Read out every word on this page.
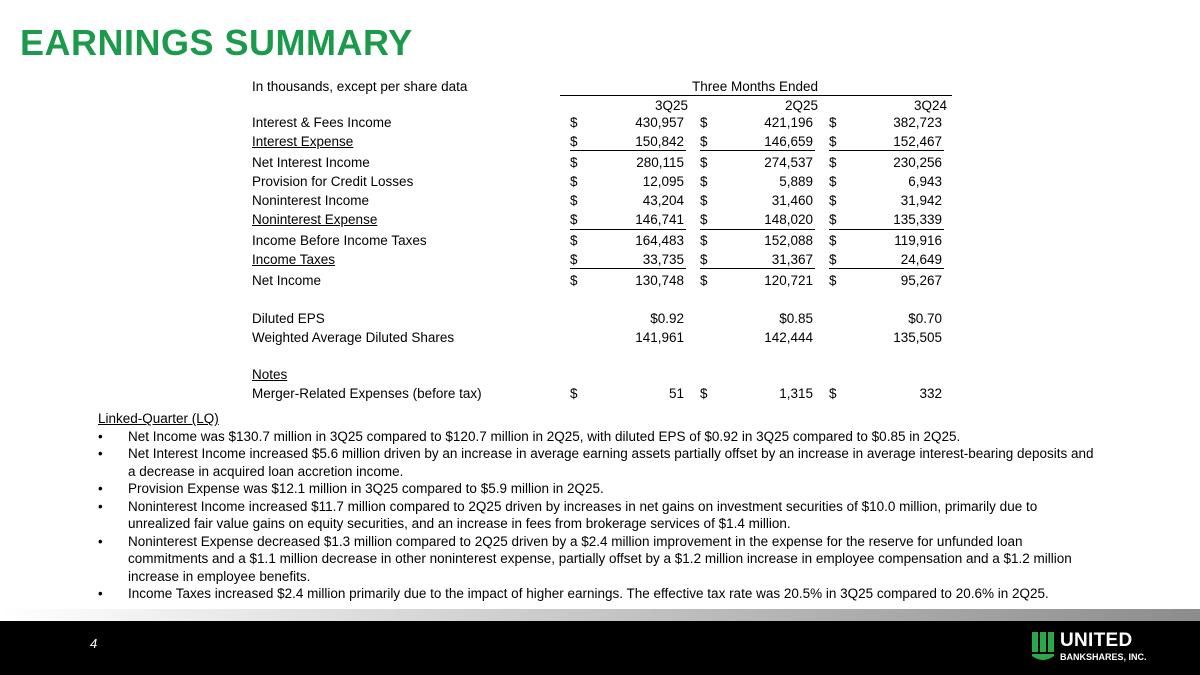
EARNINGS SUMMARY
In thousands, except per share data	Three Months Ended
3Q25	2Q25	3Q24
Interest & Fees Income	$	430,957 $	421,196 $	382,723
Interest Expense	$	150,842 $	146,659 $	152,467
Net Interest Income	$	280,115 $	274,537 $	230,256
Provision for Credit Losses	$	12,095 $	5,889 $	6,943
Noninterest Income	$	43,204 $	31,460 $	31,942
Noninterest Expense	$	146,741 $	148,020 $	135,339
Income Before Income Taxes	$	164,483 $	152,088 $	119,916
Income Taxes	$	33,735 $	31,367 $	24,649
Net Income	$	130,748 $	120,721 $	95,267
Diluted EPS	$0.92	$0.85	$0.70
Weighted Average Diluted Shares	141,961	142,444	135,505
Notes
Merger-Related Expenses (before tax)	$	51 $	1,315 $	332
Linked-Quarter (LQ)
• Net Income was $130.7 million in 3Q25 compared to $120.7 million in 2Q25, with diluted EPS of $0.92 in 3Q25 compared to $0.85 in 2Q25.
• Net Interest Income increased $5.6 million driven by an increase in average earning assets partially offset by an increase in average interest-bearing deposits and a decrease in acquired loan accretion income.
• Provision Expense was $12.1 million in 3Q25 compared to $5.9 million in 2Q25.
• Noninterest Income increased $11.7 million compared to 2Q25 driven by increases in net gains on investment securities of $10.0 million, primarily due to unrealized fair value gains on equity securities, and an increase in fees from brokerage services of $1.4 million.
• Noninterest Expense decreased $1.3 million compared to 2Q25 driven by a $2.4 million improvement in the expense for the reserve for unfunded loan commitments and a $1.1 million decrease in other noninterest expense, partially offset by a $1.2 million increase in employee compensation and a $1.2 million increase in employee benefits.
• Income Taxes increased $2.4 million primarily due to the impact of higher earnings. The effective tax rate was 20.5% in 3Q25 compared to 20.6% in 2Q25.
4	UNITED
BANKSHARES, INC.
